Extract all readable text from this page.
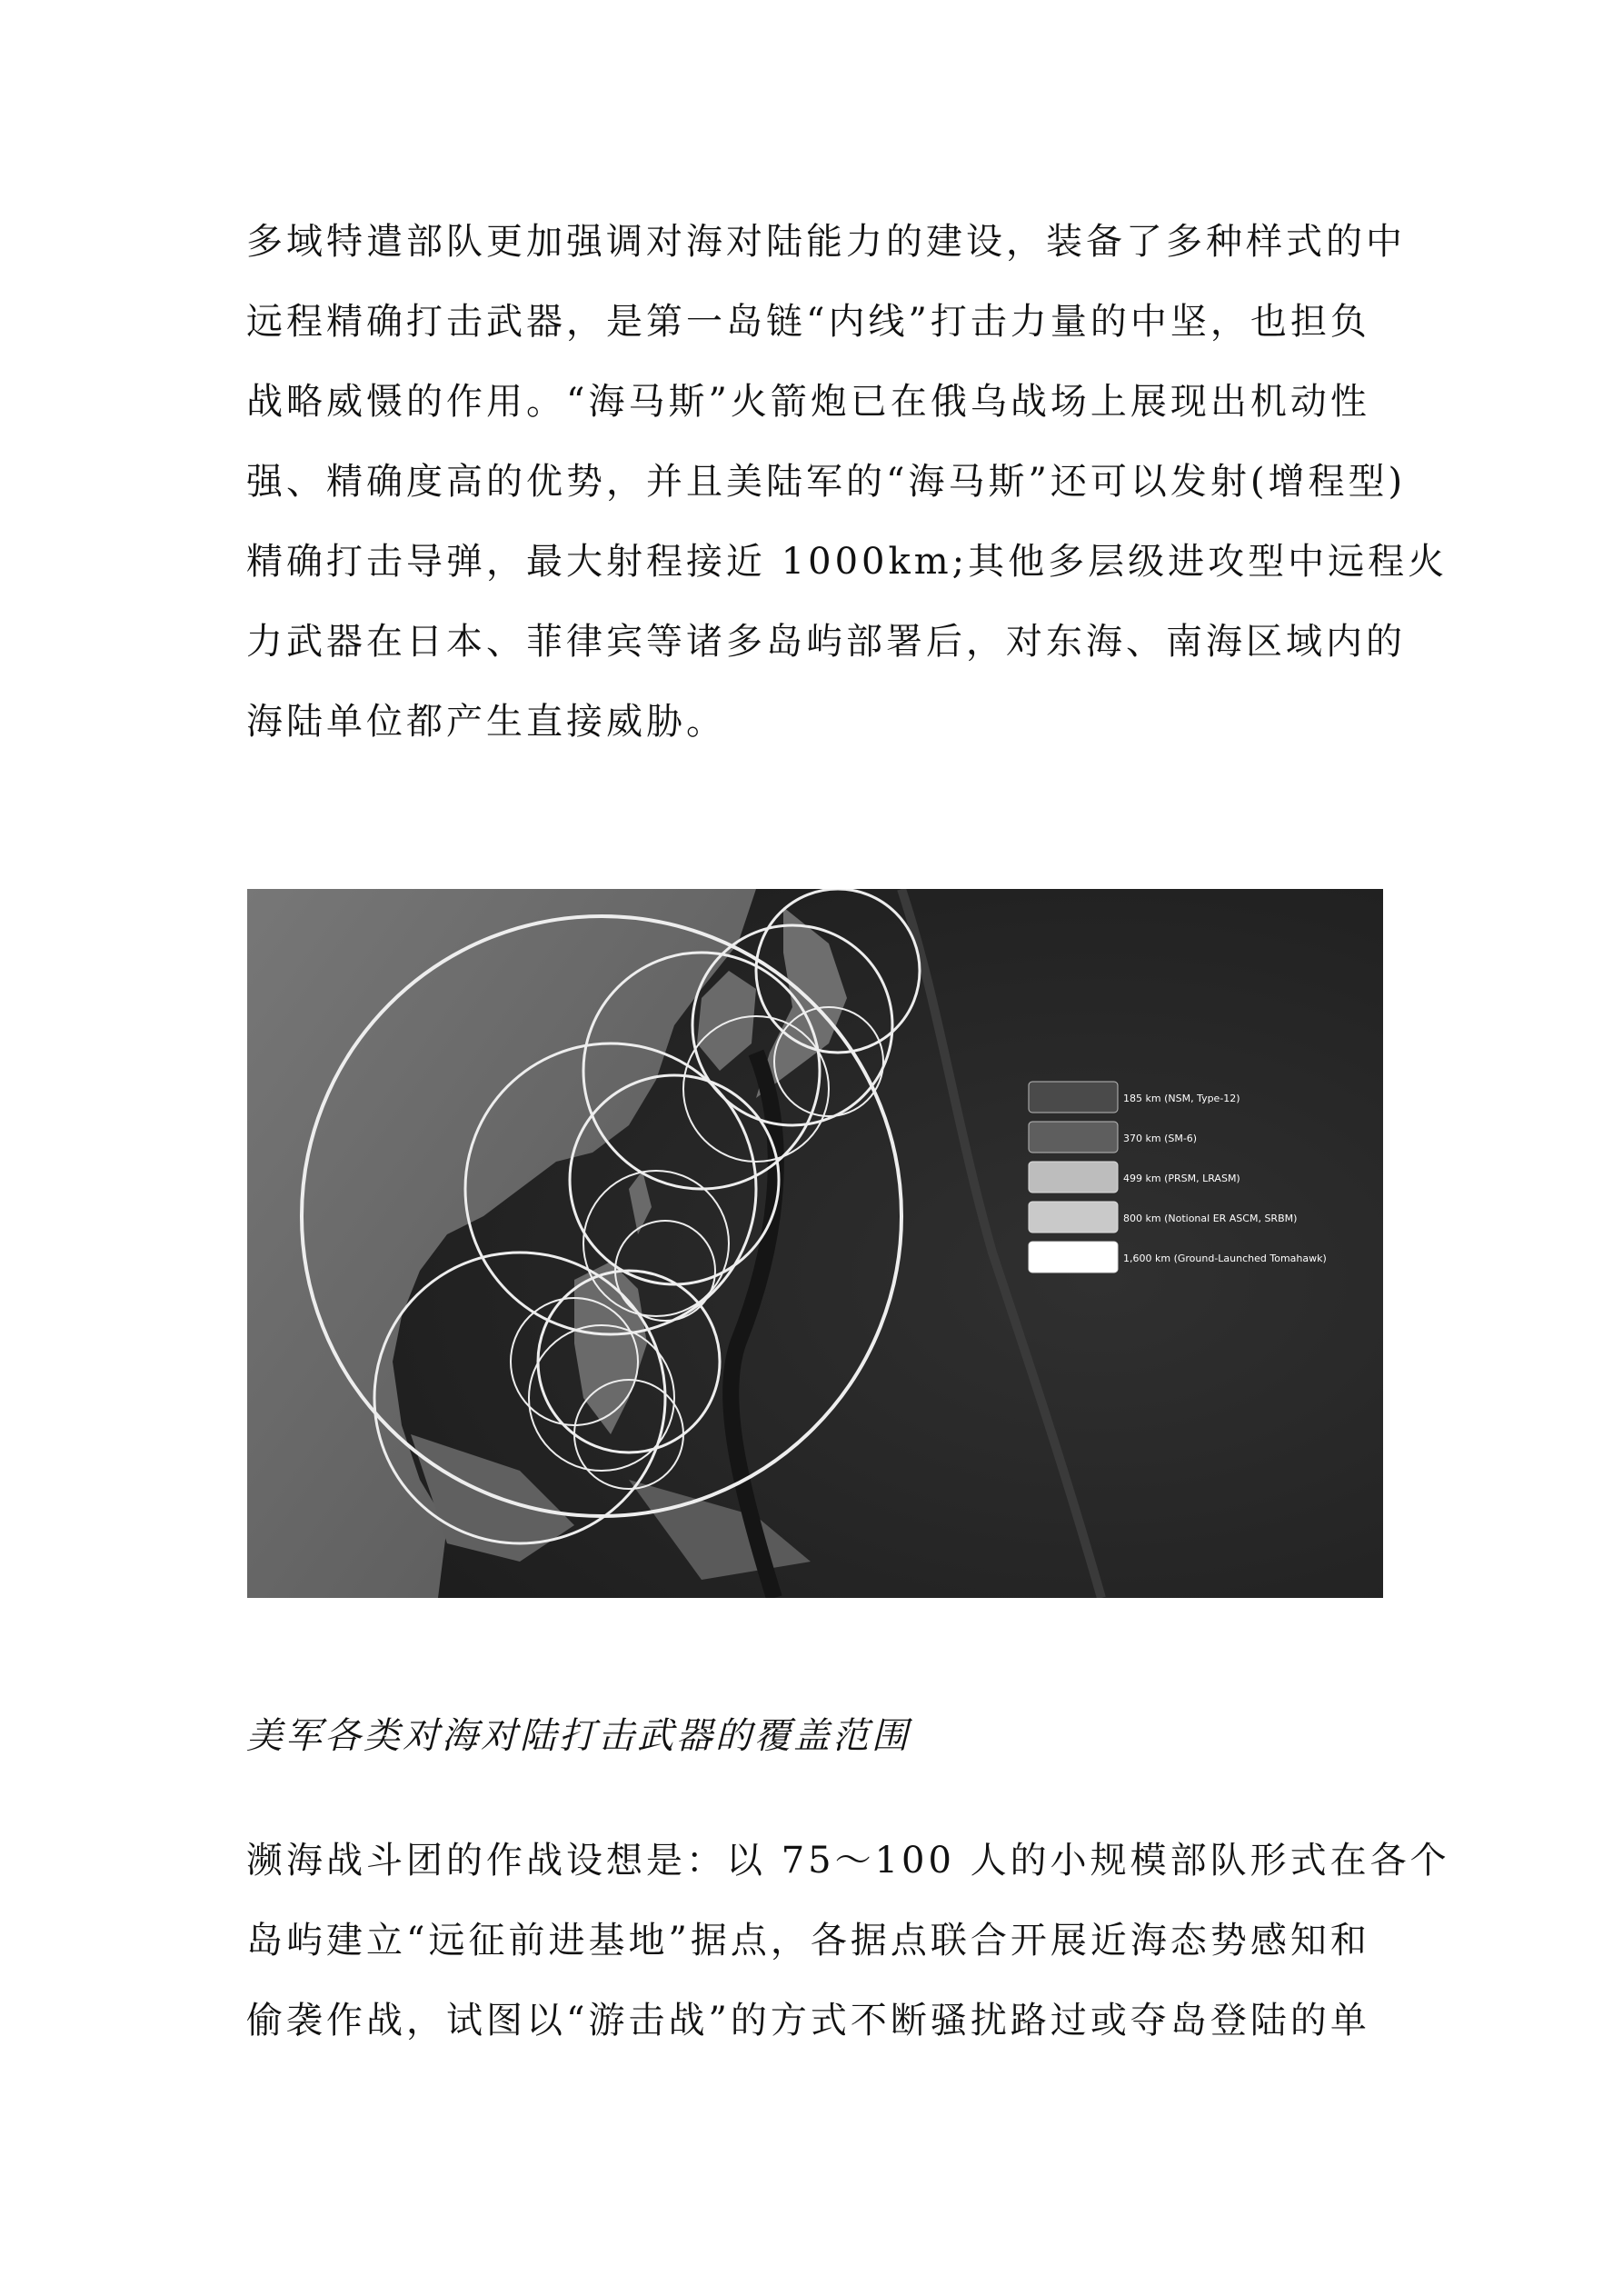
多域特遣部队更加强调对海对陆能力的建设，装备了多种样式的中
远程精确打击武器，是第一岛链“内线”打击力量的中坚，也担负
战略威慑的作用。“海马斯”火箭炮已在俄乌战场上展现出机动性
强、精确度高的优势，并且美陆军的“海马斯”还可以发射(增程型)
精确打击导弹，最大射程接近 1000km;其他多层级进攻型中远程火
力武器在日本、菲律宾等诸多岛屿部署后，对东海、南海区域内的
海陆单位都产生直接威胁。
185 km (NSM, Type-12)
370 km (SM-6)
499 km (PRSM, LRASM)
800 km (Notional ER ASCM, SRBM)
1,600 km (Ground-Launched Tomahawk)
美军各类对海对陆打击武器的覆盖范围
濒海战斗团的作战设想是：以 75～100 人的小规模部队形式在各个
岛屿建立“远征前进基地”据点，各据点联合开展近海态势感知和
偷袭作战，试图以“游击战”的方式不断骚扰路过或夺岛登陆的单
